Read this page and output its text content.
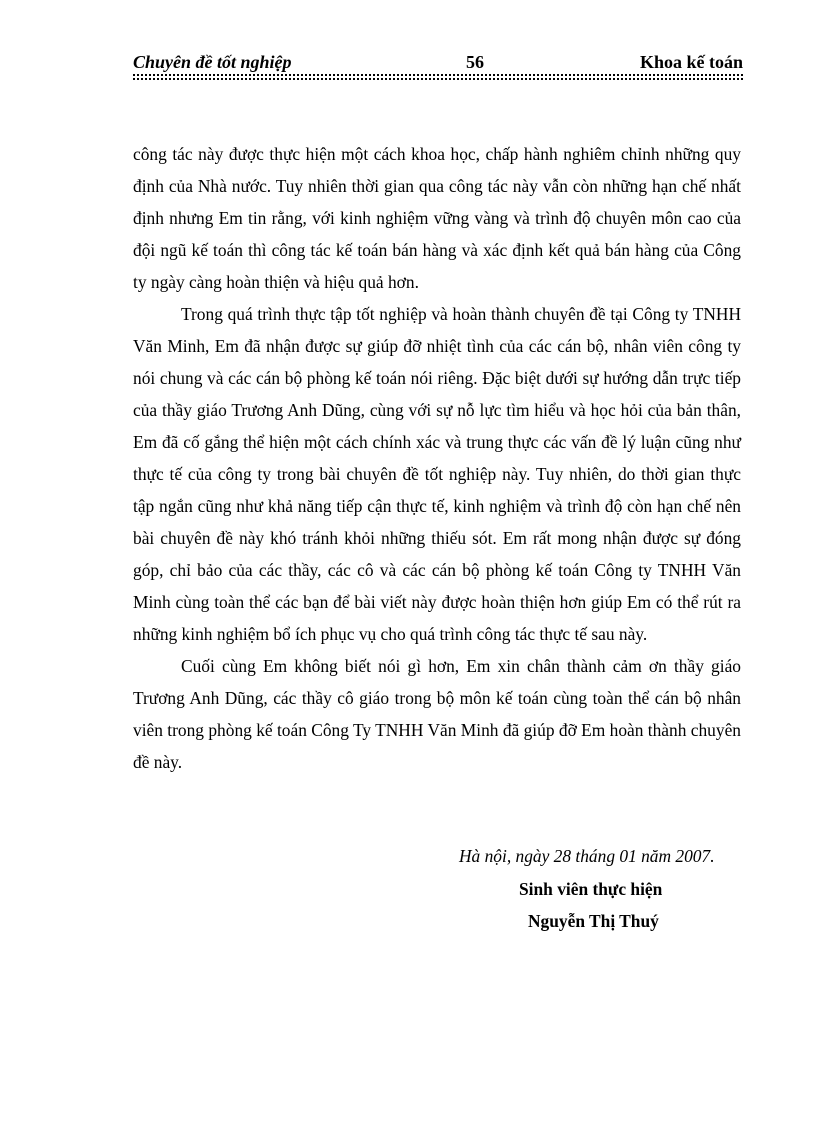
Chuyên đề tốt nghiệp	56	Khoa kế toán

công tác này được thực hiện một cách khoa học, chấp hành nghiêm chỉnh những quy định của Nhà nước. Tuy nhiên thời gian qua công tác này vẫn còn những hạn chế nhất định nhưng Em tin rằng, với kinh nghiệm vững vàng và trình độ chuyên môn cao của đội ngũ kế toán thì công tác kế toán bán hàng và xác định kết quả bán hàng của Công ty ngày càng hoàn thiện và hiệu quả hơn.

Trong quá trình thực tập tốt nghiệp và hoàn thành chuyên đề tại Công ty TNHH Văn Minh, Em đã nhận được sự giúp đỡ nhiệt tình của các cán bộ, nhân viên công ty nói chung và các cán bộ phòng kế toán nói riêng. Đặc biệt dưới sự hướng dẫn trực tiếp của thầy giáo Trương Anh Dũng, cùng với sự nỗ lực tìm hiểu và học hỏi của bản thân, Em đã cố gắng thể hiện một cách chính xác và trung thực các vấn đề lý luận cũng như thực tế của công ty trong bài chuyên đề tốt nghiệp này. Tuy nhiên, do thời gian thực tập ngắn cũng như khả năng tiếp cận thực tế, kinh nghiệm và trình độ còn hạn chế nên bài chuyên đề này khó tránh khỏi những thiếu sót. Em rất mong nhận được sự đóng góp, chỉ bảo của các thầy, các cô và các cán bộ phòng kế toán Công ty TNHH Văn Minh cùng toàn thể các bạn để bài viết này được hoàn thiện hơn giúp Em có thể rút ra những kinh nghiệm bổ ích phục vụ cho quá trình công tác thực tế sau này.

Cuối cùng Em không biết nói gì hơn, Em xin chân thành cảm ơn thầy giáo Trương Anh Dũng, các thầy cô giáo trong bộ môn kế toán cùng toàn thể cán bộ nhân viên trong phòng kế toán Công Ty TNHH Văn Minh đã giúp đỡ Em hoàn thành chuyên đề này.

Hà nội, ngày 28 tháng 01 năm 2007.
Sinh viên thực hiện
Nguyễn Thị Thuý
